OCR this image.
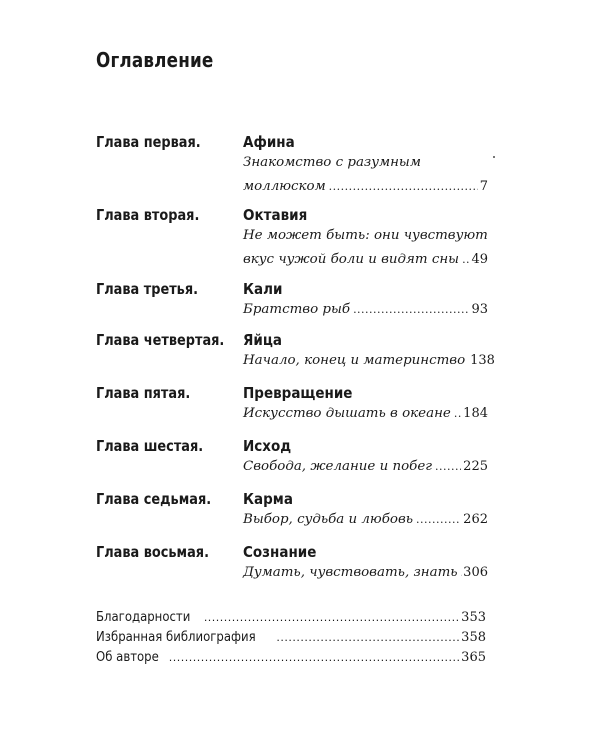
Оглавление
Глава первая.	Афина
Знакомство с разумным
моллюском .....	7
Глава вторая.	Октавия
Не может быть: они чувствуют
вкус чужой боли и видят сны ..... 49
Глава третья.	Кали
Братство рыб .....	93
Глава четвертая. Яйца
Начало, конец и материнство 138
Глава пятая.	Превращение
Искусство дышать в океане ..... 184
Глава шестая.	Исход
Свобода, желание и побег ..... 225
Глава седьмая. Карма
Выбор, судьба и любовь .....	262
Глава восьмая. Сознание
Думать, чувствовать, знать ..... 306
Благодарности .....	353
Избранная библиография .....	358
Об авторе .....	365
